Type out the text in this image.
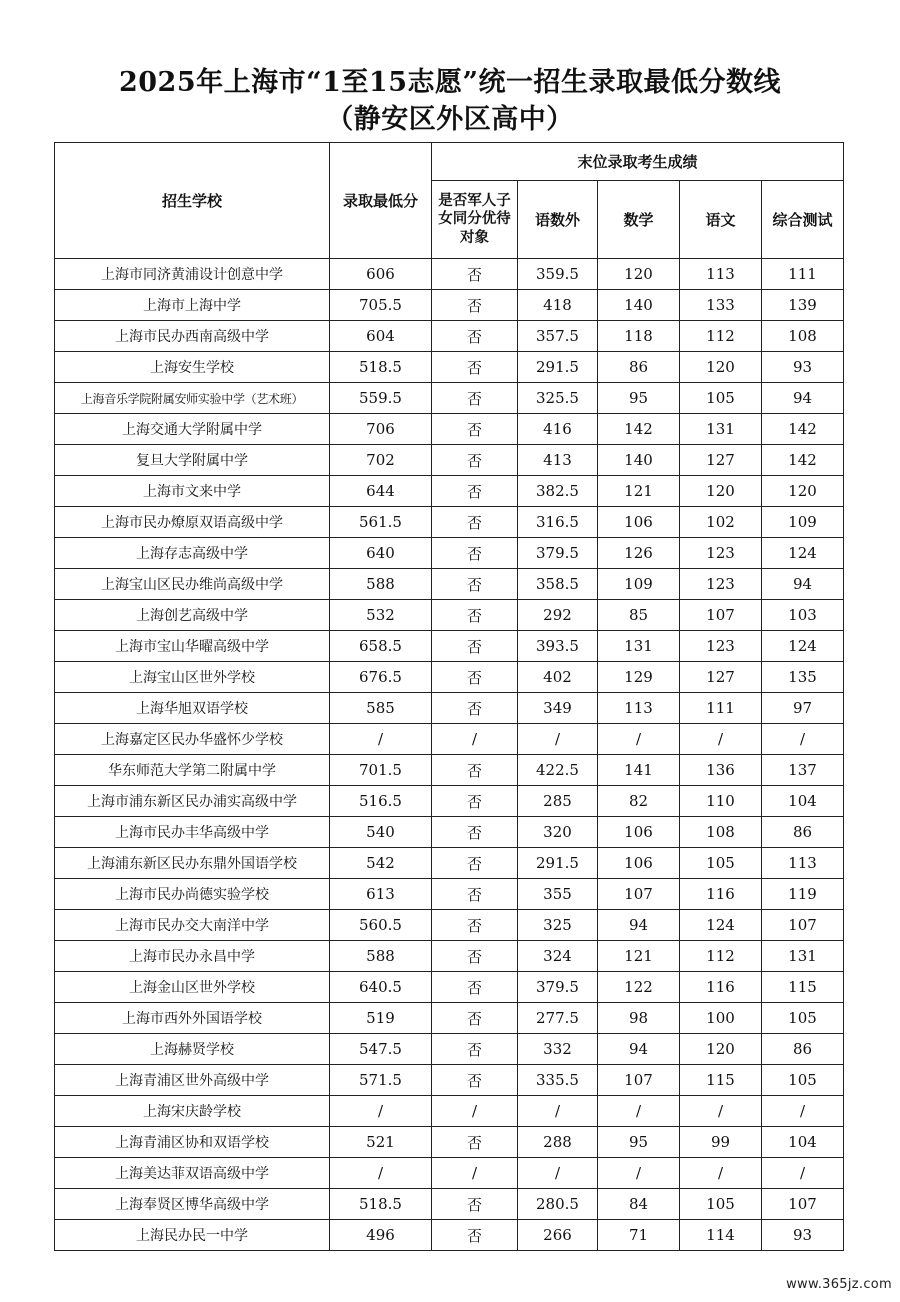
2025年上海市“1至15志愿”统一招生录取最低分数线
（静安区外区高中）
招生学校	录取最低分	末位录取考生成绩				
		是否军人子女同分优待对象	语数外	数学	语文	综合测试
上海市同济黄浦设计创意中学	606	否	359.5	120	113	111
上海市上海中学	705.5	否	418	140	133	139
上海市民办西南高级中学	604	否	357.5	118	112	108
上海安生学校	518.5	否	291.5	86	120	93
上海音乐学院附属安师实验中学（艺术班）	559.5	否	325.5	95	105	94
上海交通大学附属中学	706	否	416	142	131	142
复旦大学附属中学	702	否	413	140	127	142
上海市文来中学	644	否	382.5	121	120	120
上海市民办燎原双语高级中学	561.5	否	316.5	106	102	109
上海存志高级中学	640	否	379.5	126	123	124
上海宝山区民办维尚高级中学	588	否	358.5	109	123	94
上海创艺高级中学	532	否	292	85	107	103
上海市宝山华曜高级中学	658.5	否	393.5	131	123	124
上海宝山区世外学校	676.5	否	402	129	127	135
上海华旭双语学校	585	否	349	113	111	97
上海嘉定区民办华盛怀少学校	/	/	/	/	/	/
华东师范大学第二附属中学	701.5	否	422.5	141	136	137
上海市浦东新区民办浦实高级中学	516.5	否	285	82	110	104
上海市民办丰华高级中学	540	否	320	106	108	86
上海浦东新区民办东鼎外国语学校	542	否	291.5	106	105	113
上海市民办尚德实验学校	613	否	355	107	116	119
上海市民办交大南洋中学	560.5	否	325	94	124	107
上海市民办永昌中学	588	否	324	121	112	131
上海金山区世外学校	640.5	否	379.5	122	116	115
上海市西外外国语学校	519	否	277.5	98	100	105
上海赫贤学校	547.5	否	332	94	120	86
上海青浦区世外高级中学	571.5	否	335.5	107	115	105
上海宋庆龄学校	/	/	/	/	/	/
上海青浦区协和双语学校	521	否	288	95	99	104
上海美达菲双语高级中学	/	/	/	/	/	/
上海奉贤区博华高级中学	518.5	否	280.5	84	105	107
上海民办民一中学	496	否	266	71	114	93
www.365jz.com
